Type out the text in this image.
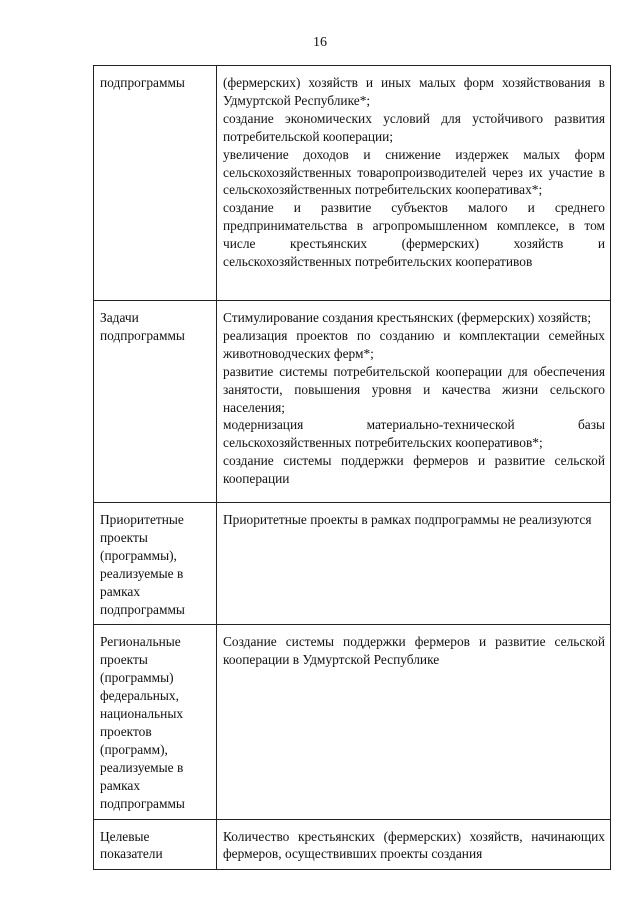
16
подпрограммы	(фермерских) хозяйств и иных малых форм хозяйствования в Удмуртской Республике*;
создание экономических условий для устойчивого развития потребительской кооперации;
увеличение доходов и снижение издержек малых форм сельскохозяйственных товаропроизводителей через их участие в сельскохозяйственных потребительских кооперативах*;
создание и развитие субъектов малого и среднего предпринимательства в агропромышленном комплексе, в том числе крестьянских (фермерских) хозяйств и сельскохозяйственных потребительских кооперативов

Задачи подпрограммы	Стимулирование создания крестьянских (фермерских) хозяйств;
реализация проектов по созданию и комплектации семейных животноводческих ферм*;
развитие системы потребительской кооперации для обеспечения занятости, повышения уровня и качества жизни сельского населения;
модернизация материально-технической базы сельскохозяйственных потребительских кооперативов*;
создание системы поддержки фермеров и развитие сельской кооперации

Приоритетные проекты (программы), реализуемые в рамках подпрограммы	Приоритетные проекты в рамках подпрограммы не реализуются

Региональные проекты (программы) федеральных, национальных проектов (программ), реализуемые в рамках подпрограммы	Создание системы поддержки фермеров и развитие сельской кооперации в Удмуртской Республике

Целевые показатели	Количество крестьянских (фермерских) хозяйств, начинающих фермеров, осуществивших проекты создания
